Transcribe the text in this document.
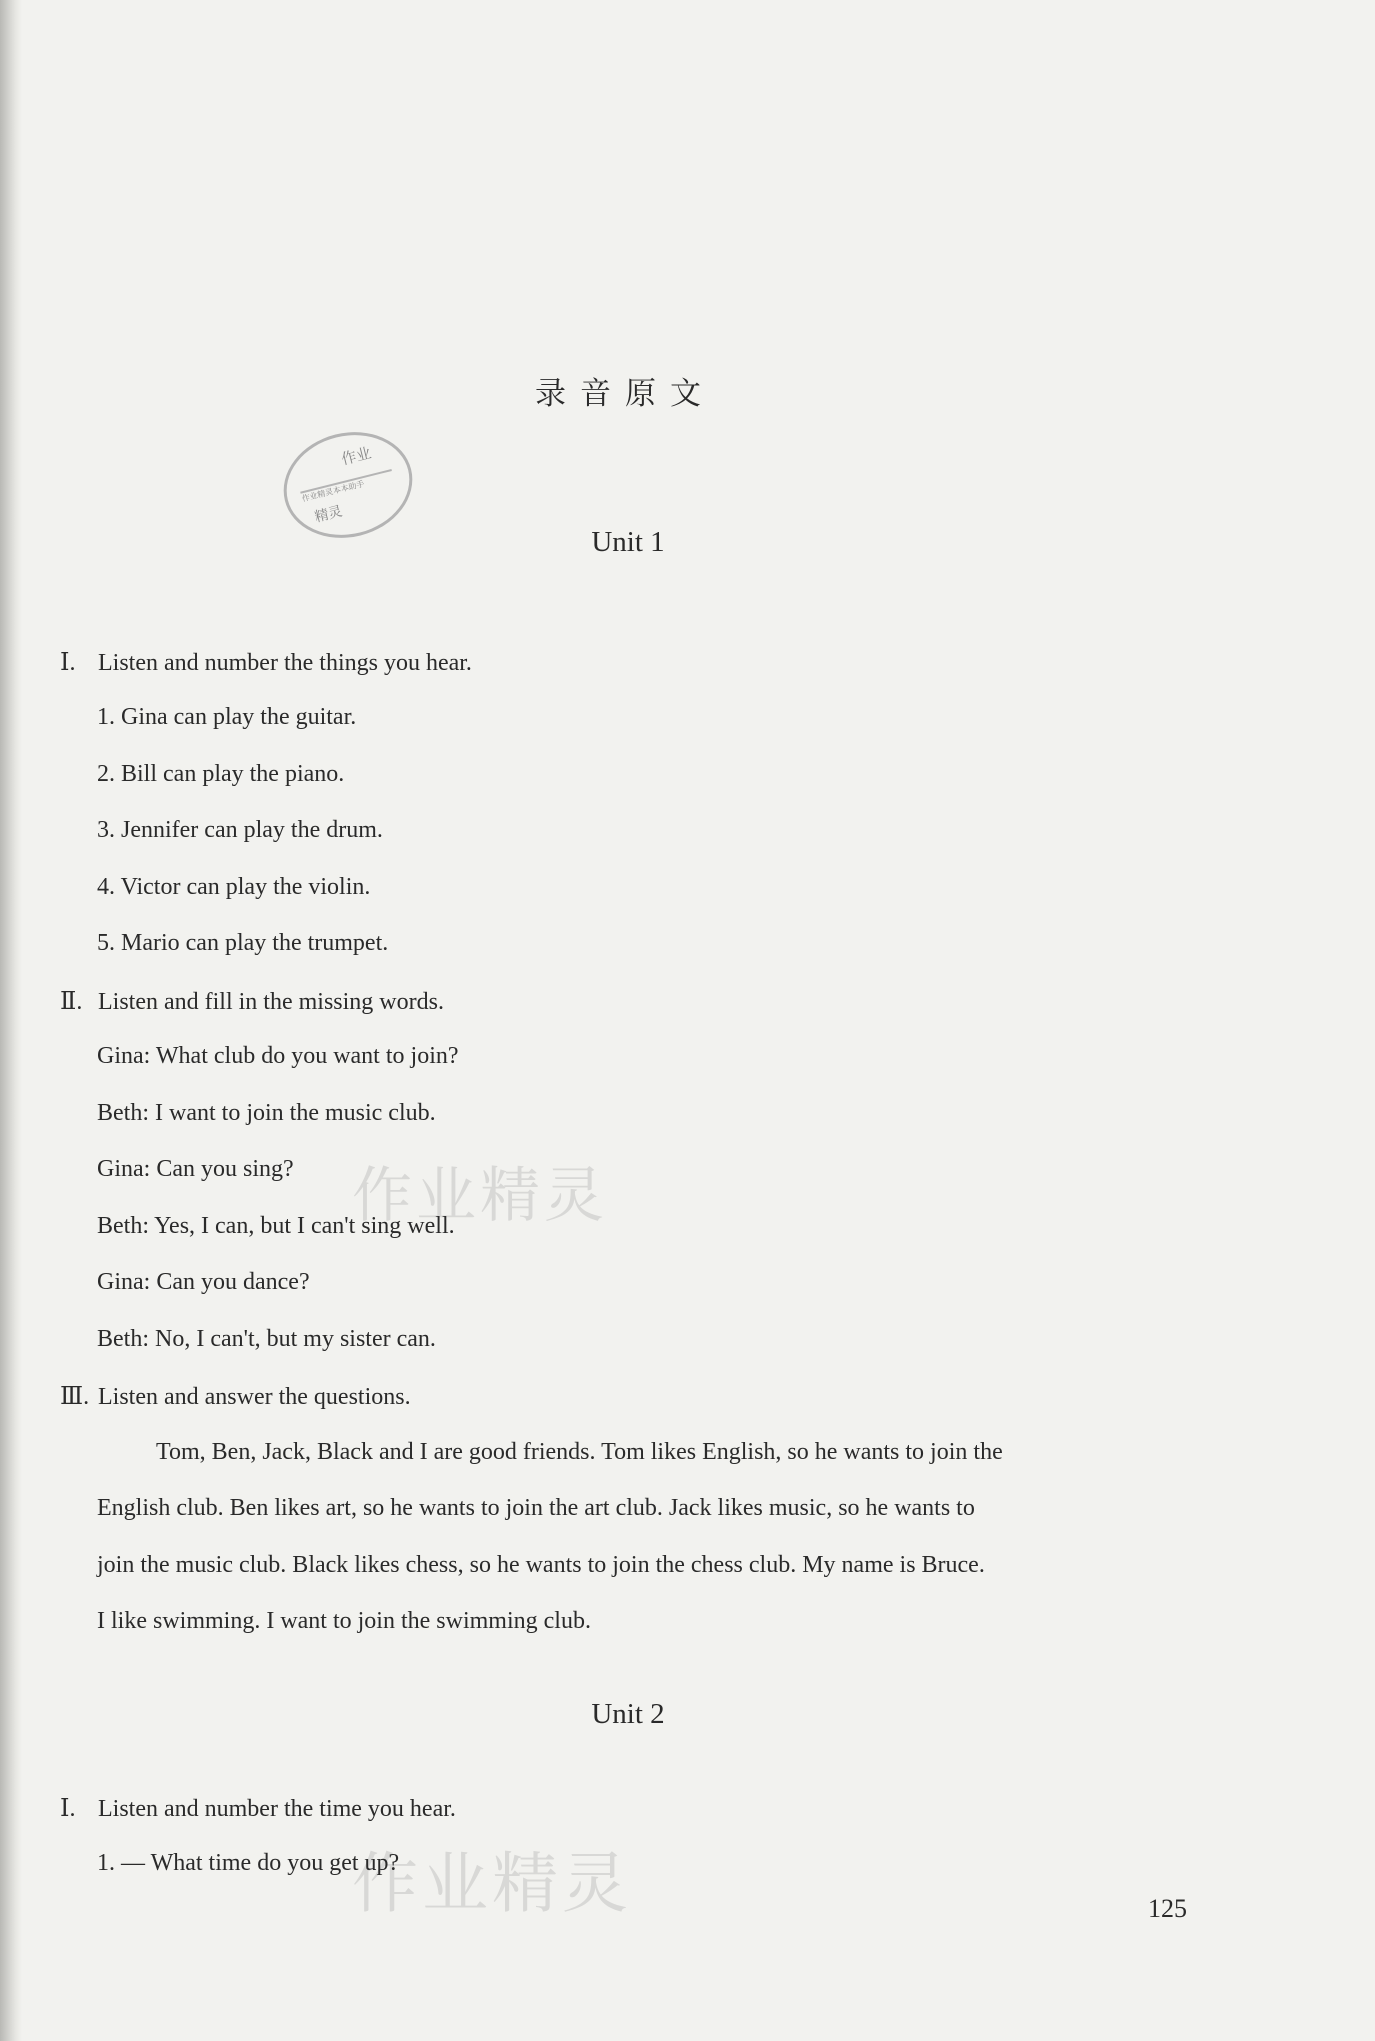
录音原文
作业
作业精灵本本助手
精灵
作业精灵
作业精灵
Unit 1
Ⅰ. Listen and number the things you hear.
1. Gina can play the guitar.
2. Bill can play the piano.
3. Jennifer can play the drum.
4. Victor can play the violin.
5. Mario can play the trumpet.
Ⅱ. Listen and fill in the missing words.
Gina: What club do you want to join?
Beth: I want to join the music club.
Gina: Can you sing?
Beth: Yes, I can, but I can't sing well.
Gina: Can you dance?
Beth: No, I can't, but my sister can.
Ⅲ. Listen and answer the questions.
Tom, Ben, Jack, Black and I are good friends. Tom likes English, so he wants to join the
English club. Ben likes art, so he wants to join the art club. Jack likes music, so he wants to
join the music club. Black likes chess, so he wants to join the chess club. My name is Bruce.
I like swimming. I want to join the swimming club.
Unit 2
Ⅰ. Listen and number the time you hear.
1. — What time do you get up?
125
